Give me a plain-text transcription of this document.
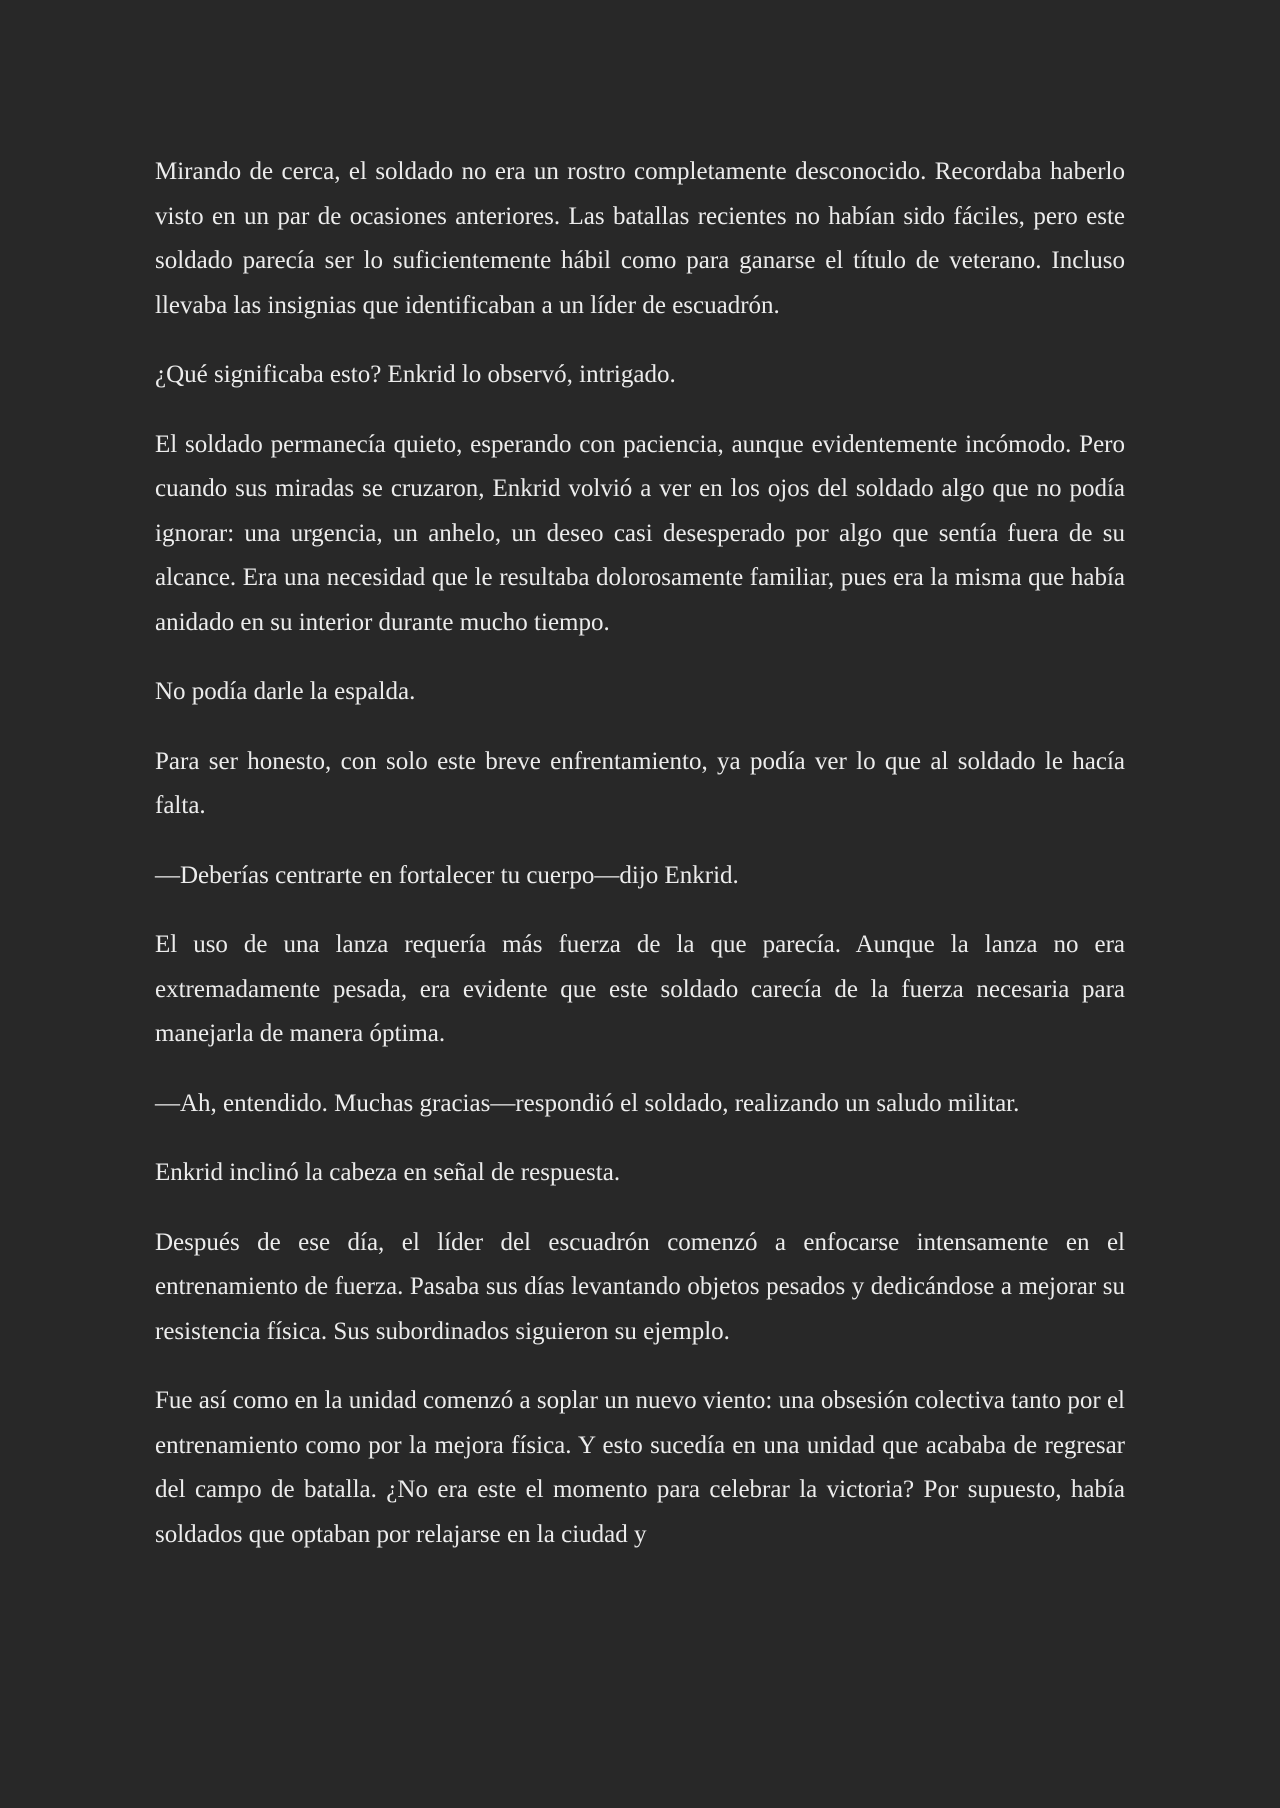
Mirando de cerca, el soldado no era un rostro completamente desconocido. Recordaba haberlo visto en un par de ocasiones anteriores. Las batallas recientes no habían sido fáciles, pero este soldado parecía ser lo suficientemente hábil como para ganarse el título de veterano. Incluso llevaba las insignias que identificaban a un líder de escuadrón.

¿Qué significaba esto? Enkrid lo observó, intrigado.

El soldado permanecía quieto, esperando con paciencia, aunque evidentemente incómodo. Pero cuando sus miradas se cruzaron, Enkrid volvió a ver en los ojos del soldado algo que no podía ignorar: una urgencia, un anhelo, un deseo casi desesperado por algo que sentía fuera de su alcance. Era una necesidad que le resultaba dolorosamente familiar, pues era la misma que había anidado en su interior durante mucho tiempo.

No podía darle la espalda.

Para ser honesto, con solo este breve enfrentamiento, ya podía ver lo que al soldado le hacía falta.

—Deberías centrarte en fortalecer tu cuerpo—dijo Enkrid.

El uso de una lanza requería más fuerza de la que parecía. Aunque la lanza no era extremadamente pesada, era evidente que este soldado carecía de la fuerza necesaria para manejarla de manera óptima.

—Ah, entendido. Muchas gracias—respondió el soldado, realizando un saludo militar.

Enkrid inclinó la cabeza en señal de respuesta.

Después de ese día, el líder del escuadrón comenzó a enfocarse intensamente en el entrenamiento de fuerza. Pasaba sus días levantando objetos pesados y dedicándose a mejorar su resistencia física. Sus subordinados siguieron su ejemplo.

Fue así como en la unidad comenzó a soplar un nuevo viento: una obsesión colectiva tanto por el entrenamiento como por la mejora física. Y esto sucedía en una unidad que acababa de regresar del campo de batalla. ¿No era este el momento para celebrar la victoria? Por supuesto, había soldados que optaban por relajarse en la ciudad y
